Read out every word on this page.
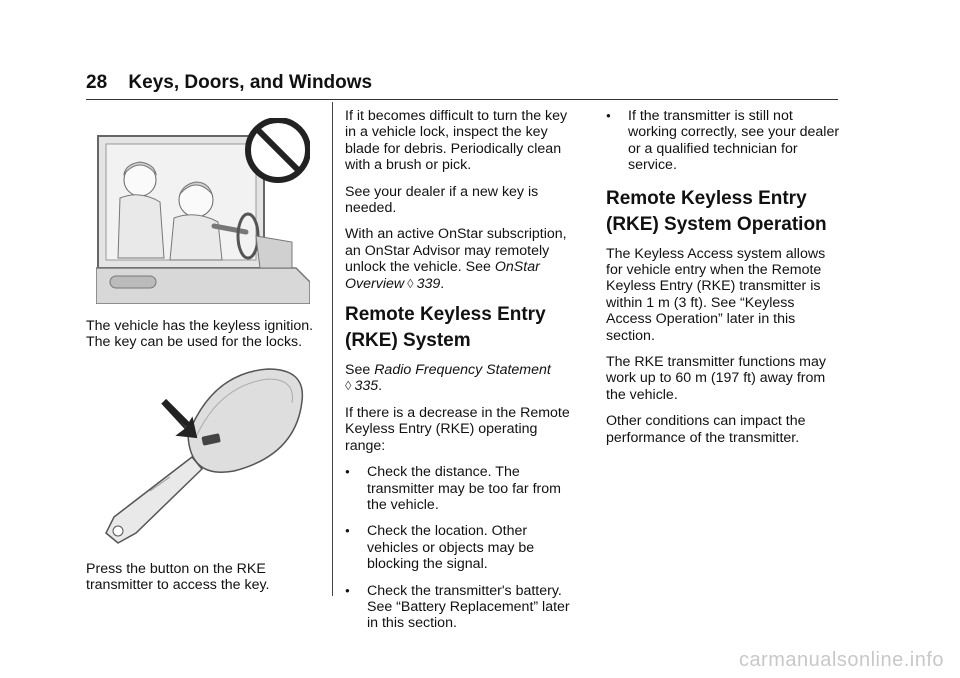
28 Keys, Doors, and Windows

The vehicle has the keyless ignition. The key can be used for the locks.

Press the button on the RKE transmitter to access the key.

If it becomes difficult to turn the key in a vehicle lock, inspect the key blade for debris. Periodically clean with a brush or pick.

See your dealer if a new key is needed.

With an active OnStar subscription, an OnStar Advisor may remotely unlock the vehicle. See OnStar Overview ◊ 339.

Remote Keyless Entry (RKE) System

See Radio Frequency Statement
◊ 335.

If there is a decrease in the Remote Keyless Entry (RKE) operating range:

● Check the distance. The transmitter may be too far from the vehicle.
● Check the location. Other vehicles or objects may be blocking the signal.
● Check the transmitter's battery. See “Battery Replacement” later in this section.
● If the transmitter is still not working correctly, see your dealer or a qualified technician for service.
Remote Keyless Entry (RKE) System Operation

The Keyless Access system allows for vehicle entry when the Remote Keyless Entry (RKE) transmitter is within 1 m (3 ft). See “Keyless Access Operation” later in this section.

The RKE transmitter functions may work up to 60 m (197 ft) away from the vehicle.

Other conditions can impact the performance of the transmitter.

carmanualsonline.info
